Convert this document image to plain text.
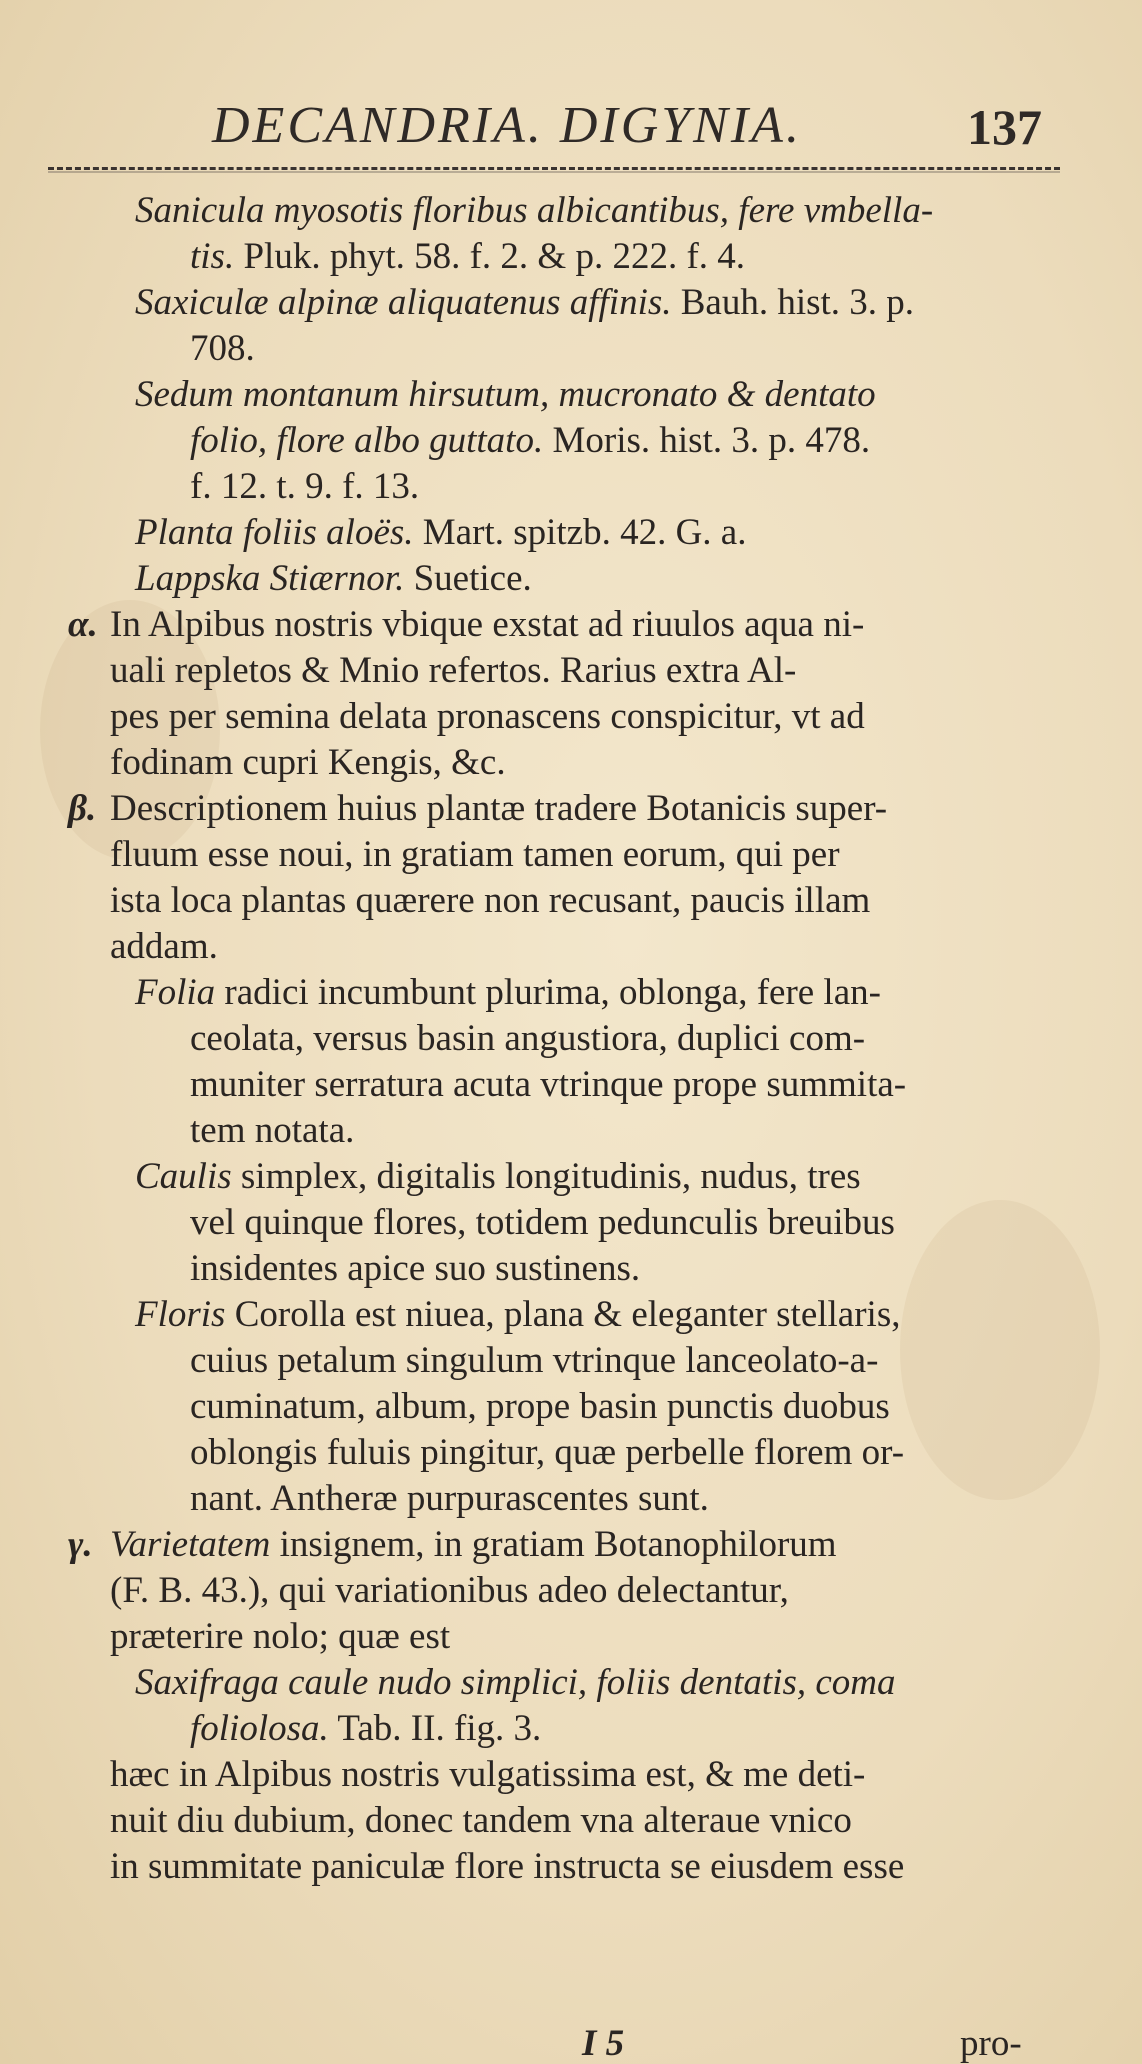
DECANDRIA. DIGYNIA.	137
Sanicula myosotis floribus albicantibus, fere vmbella-
tis. Pluk. phyt. 58. f. 2. & p. 222. f. 4.
Saxiculæ alpinæ aliquatenus affinis. Bauh. hist. 3. p.
708.
Sedum montanum hirsutum, mucronato & dentato
folio, flore albo guttato. Moris. hist. 3. p. 478.
f. 12. t. 9. f. 13.
Planta foliis aloës. Mart. spitzb. 42. G. a.
Lappska Stiærnor. Suetice.
α. In Alpibus nostris vbique exstat ad riuulos aqua ni-
uali repletos & Mnio refertos. Rarius extra Al-
pes per semina delata pronascens conspicitur, vt ad
fodinam cupri Kengis, &c.
β. Descriptionem huius plantæ tradere Botanicis super-
fluum esse noui, in gratiam tamen eorum, qui per
ista loca plantas quærere non recusant, paucis illam
addam.
Folia radici incumbunt plurima, oblonga, fere lan-
ceolata, versus basin angustiora, duplici com-
muniter serratura acuta vtrinque prope summita-
tem notata.
Caulis simplex, digitalis longitudinis, nudus, tres
vel quinque flores, totidem pedunculis breuibus
insidentes apice suo sustinens.
Floris Corolla est niuea, plana & eleganter stellaris,
cuius petalum singulum vtrinque lanceolato-a-
cuminatum, album, prope basin punctis duobus
oblongis fuluis pingitur, quæ perbelle florem or-
nant. Antheræ purpurascentes sunt.
γ. Varietatem insignem, in gratiam Botanophilorum
(F. B. 43.), qui variationibus adeo delectantur,
præterire nolo; quæ est
Saxifraga caule nudo simplici, foliis dentatis, coma
foliolosa. Tab. II. fig. 3.
hæc in Alpibus nostris vulgatissima est, & me deti-
nuit diu dubium, donec tandem vna alteraue vnico
in summitate paniculæ flore instructa se eiusdem esse
I 5	pro-
